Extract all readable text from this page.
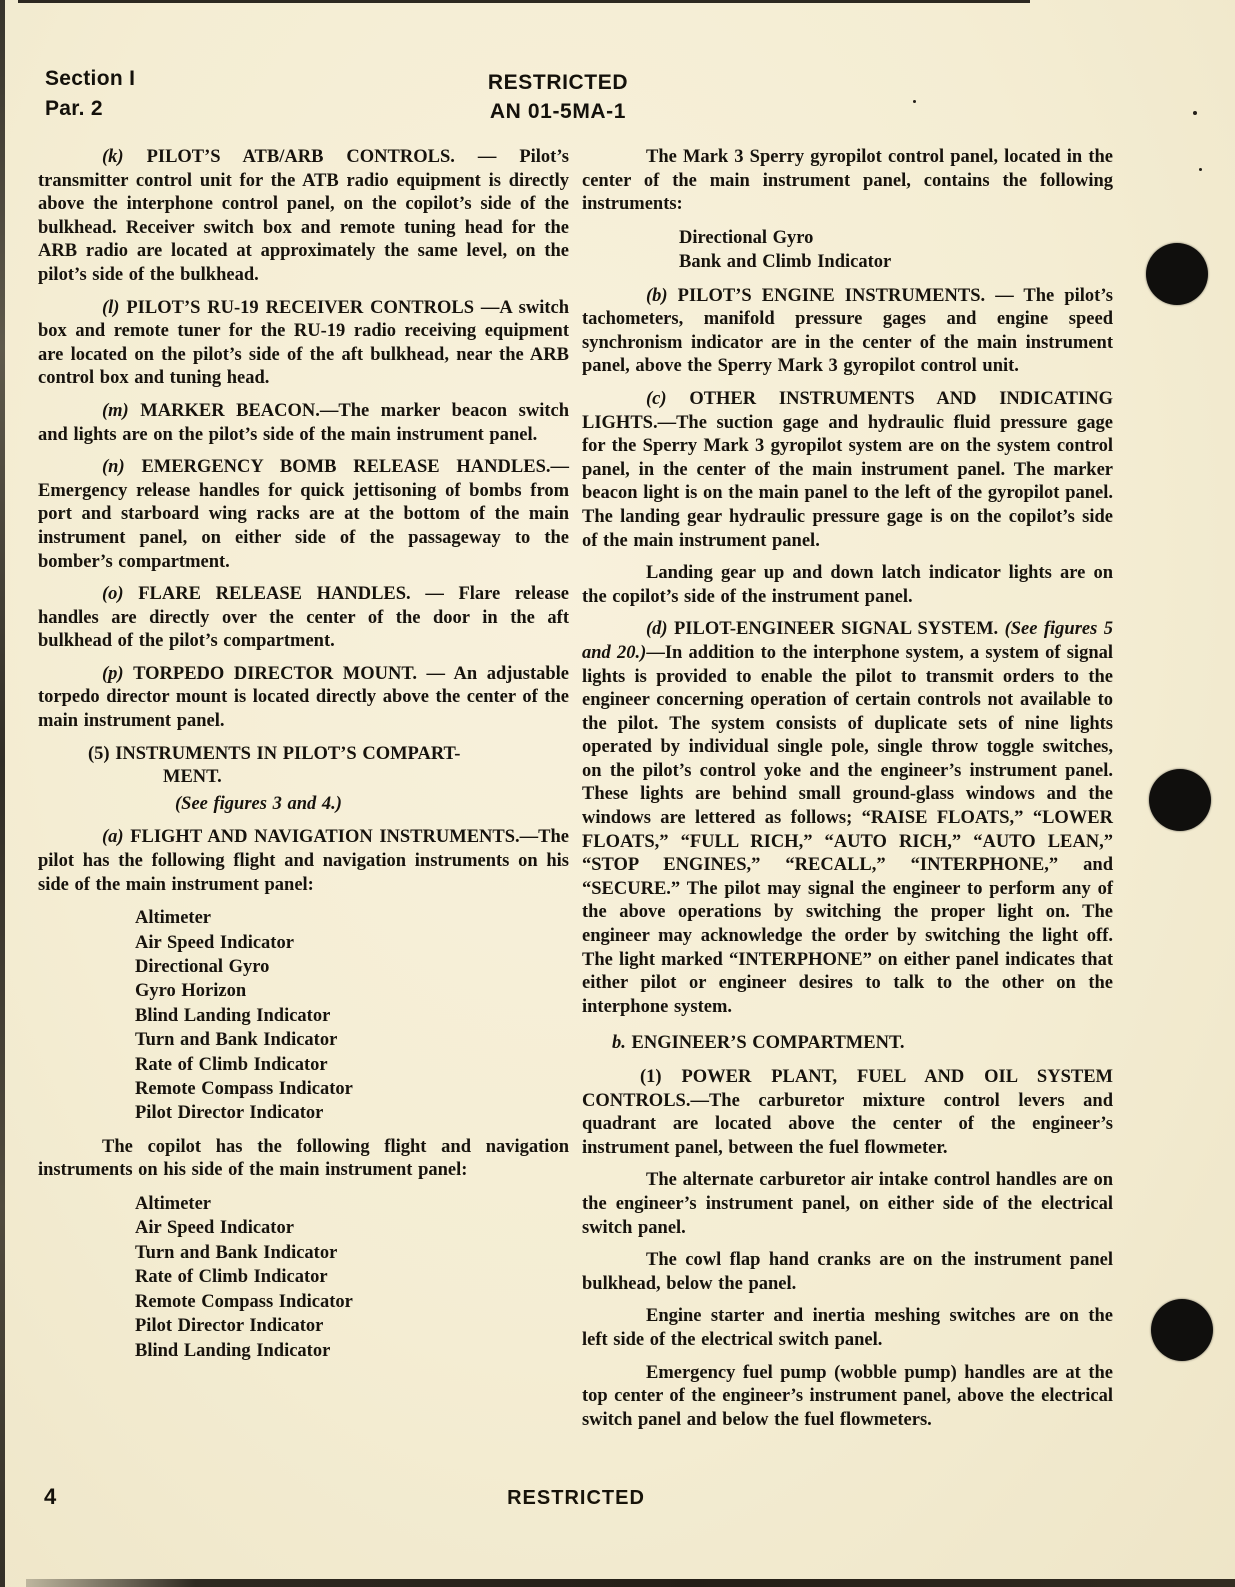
Section I
Par. 2
RESTRICTED
AN 01-5MA-1

(k) PILOT’S ATB/ARB CONTROLS. — Pilot’s transmitter control unit for the ATB radio equipment is directly above the interphone control panel, on the copilot’s side of the bulkhead. Receiver switch box and remote tuning head for the ARB radio are located at approximately the same level, on the pilot’s side of the bulkhead.

(l) PILOT’S RU-19 RECEIVER CONTROLS —A switch box and remote tuner for the RU-19 radio receiving equipment are located on the pilot’s side of the aft bulkhead, near the ARB control box and tuning head.

(m) MARKER BEACON.—The marker beacon switch and lights are on the pilot’s side of the main instrument panel.

(n) EMERGENCY BOMB RELEASE HANDLES.—Emergency release handles for quick jettisoning of bombs from port and starboard wing racks are at the bottom of the main instrument panel, on either side of the passageway to the bomber’s compartment.

(o) FLARE RELEASE HANDLES. — Flare release handles are directly over the center of the door in the aft bulkhead of the pilot’s compartment.

(p) TORPEDO DIRECTOR MOUNT. — An adjustable torpedo director mount is located directly above the center of the main instrument panel.

(5) INSTRUMENTS IN PILOT’S COMPART-
MENT.
(See figures 3 and 4.)

(a) FLIGHT AND NAVIGATION INSTRUMENTS.—The pilot has the following flight and navigation instruments on his side of the main instrument panel:

Altimeter
Air Speed Indicator
Directional Gyro
Gyro Horizon
Blind Landing Indicator
Turn and Bank Indicator
Rate of Climb Indicator
Remote Compass Indicator
Pilot Director Indicator

The copilot has the following flight and navigation instruments on his side of the main instrument panel:

Altimeter
Air Speed Indicator
Turn and Bank Indicator
Rate of Climb Indicator
Remote Compass Indicator
Pilot Director Indicator
Blind Landing Indicator

The Mark 3 Sperry gyropilot control panel, located in the center of the main instrument panel, contains the following instruments:

Directional Gyro
Bank and Climb Indicator

(b) PILOT’S ENGINE INSTRUMENTS. — The pilot’s tachometers, manifold pressure gages and engine speed synchronism indicator are in the center of the main instrument panel, above the Sperry Mark 3 gyropilot control unit.

(c) OTHER INSTRUMENTS AND INDICATING LIGHTS.—The suction gage and hydraulic fluid pressure gage for the Sperry Mark 3 gyropilot system are on the system control panel, in the center of the main instrument panel. The marker beacon light is on the main panel to the left of the gyropilot panel. The landing gear hydraulic pressure gage is on the copilot’s side of the main instrument panel.

Landing gear up and down latch indicator lights are on the copilot’s side of the instrument panel.

(d) PILOT-ENGINEER SIGNAL SYSTEM. (See figures 5 and 20.)—In addition to the interphone system, a system of signal lights is provided to enable the pilot to transmit orders to the engineer concerning operation of certain controls not available to the pilot. The system consists of duplicate sets of nine lights operated by individual single pole, single throw toggle switches, on the pilot’s control yoke and the engineer’s instrument panel. These lights are behind small ground-glass windows and the windows are lettered as follows; “RAISE FLOATS,” “LOWER FLOATS,” “FULL RICH,” “AUTO RICH,” “AUTO LEAN,” “STOP ENGINES,” “RECALL,” “INTERPHONE,” and “SECURE.” The pilot may signal the engineer to perform any of the above operations by switching the proper light on. The engineer may acknowledge the order by switching the light off. The light marked “INTERPHONE” on either panel indicates that either pilot or engineer desires to talk to the other on the interphone system.

b. ENGINEER’S COMPARTMENT.

(1) POWER PLANT, FUEL AND OIL SYSTEM CONTROLS.—The carburetor mixture control levers and quadrant are located above the center of the engineer’s instrument panel, between the fuel flowmeter.

The alternate carburetor air intake control handles are on the engineer’s instrument panel, on either side of the electrical switch panel.

The cowl flap hand cranks are on the instrument panel bulkhead, below the panel.

Engine starter and inertia meshing switches are on the left side of the electrical switch panel.

Emergency fuel pump (wobble pump) handles are at the top center of the engineer’s instrument panel, above the electrical switch panel and below the fuel flowmeters.

4	RESTRICTED
